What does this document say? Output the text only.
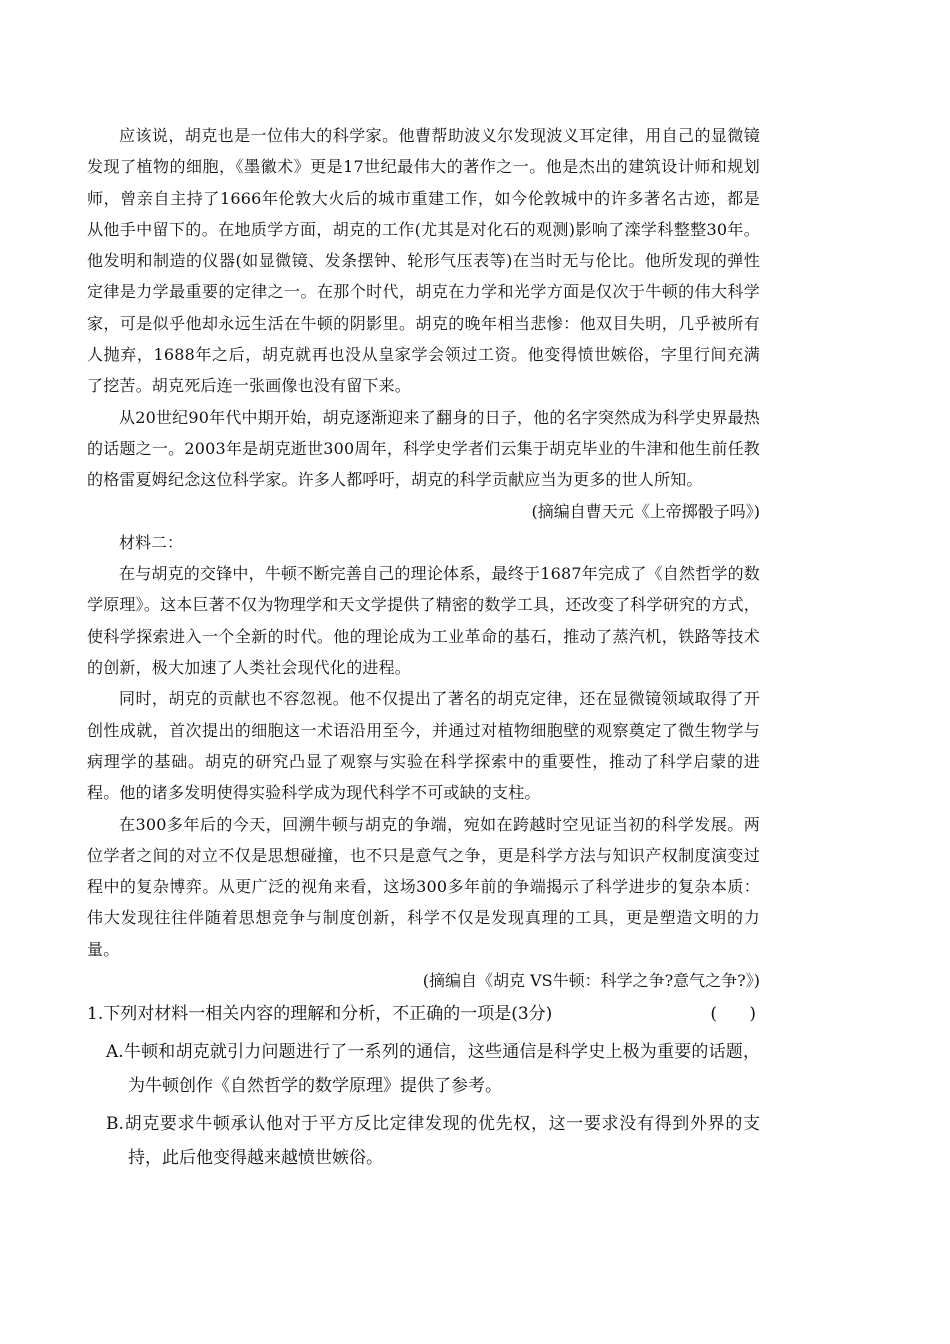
应该说，胡克也是一位伟大的科学家。他曹帮助波义尔发现波义耳定律，用自己的显微镜发现了植物的细胞，《墨徽术》更是17世纪最伟大的著作之一。他是杰出的建筑设计师和规划师，曾亲自主持了1666年伦敦大火后的城市重建工作，如今伦敦城中的许多著名古迹，都是从他手中留下的。在地质学方面，胡克的工作(尤其是对化石的观测)影响了滦学科整整30年。他发明和制造的仪器(如显微镜、发条摆钟、轮形气压表等)在当时无与伦比。他所发现的弹性定律是力学最重要的定律之一。在那个时代，胡克在力学和光学方面是仅次于牛顿的伟大科学家，可是似乎他却永远生活在牛顿的阴影里。胡克的晚年相当悲惨：他双目失明，几乎被所有人抛弃，1688年之后，胡克就再也没从皇家学会领过工资。他变得愤世嫉俗，字里行间充满了挖苦。胡克死后连一张画像也没有留下来。

从20世纪90年代中期开始，胡克逐渐迎来了翻身的日子，他的名字突然成为科学史界最热的话题之一。2003年是胡克逝世300周年，科学史学者们云集于胡克毕业的牛津和他生前任教的格雷夏姆纪念这位科学家。许多人都呼吁，胡克的科学贡献应当为更多的世人所知。

(摘编自曹天元《上帝掷骰子吗》)

材料二：

在与胡克的交锋中，牛顿不断完善自己的理论体系，最终于1687年完成了《自然哲学的数学原理》。这本巨著不仅为物理学和天文学提供了精密的数学工具，还改变了科学研究的方式，使科学探索进入一个全新的时代。他的理论成为工业革命的基石，推动了蒸汽机，铁路等技术的创新，极大加速了人类社会现代化的进程。

同时，胡克的贡献也不容忽视。他不仅提出了著名的胡克定律，还在显微镜领域取得了开创性成就，首次提出的细胞这一术语沿用至今，并通过对植物细胞壁的观察奠定了微生物学与病理学的基础。胡克的研究凸显了观察与实验在科学探索中的重要性，推动了科学启蒙的进程。他的诸多发明使得实验科学成为现代科学不可或缺的支柱。

在300多年后的今天，回溯牛顿与胡克的争端，宛如在跨越时空见证当初的科学发展。两位学者之间的对立不仅是思想碰撞，也不只是意气之争，更是科学方法与知识产权制度演变过程中的复杂博弈。从更广泛的视角来看，这场300多年前的争端揭示了科学进步的复杂本质：伟大发现往往伴随着思想竞争与制度创新，科学不仅是发现真理的工具，更是塑造文明的力量。

(摘编自《胡克 VS牛顿：科学之争?意气之争?》)

1.下列对材料一相关内容的理解和分析，不正确的一项是(3分)	(      )

A.牛顿和胡克就引力问题进行了一系列的通信，这些通信是科学史上极为重要的话题，为牛顿创作《自然哲学的数学原理》提供了参考。

B.胡克要求牛顿承认他对于平方反比定律发现的优先权，这一要求没有得到外界的支持，此后他变得越来越愤世嫉俗。
